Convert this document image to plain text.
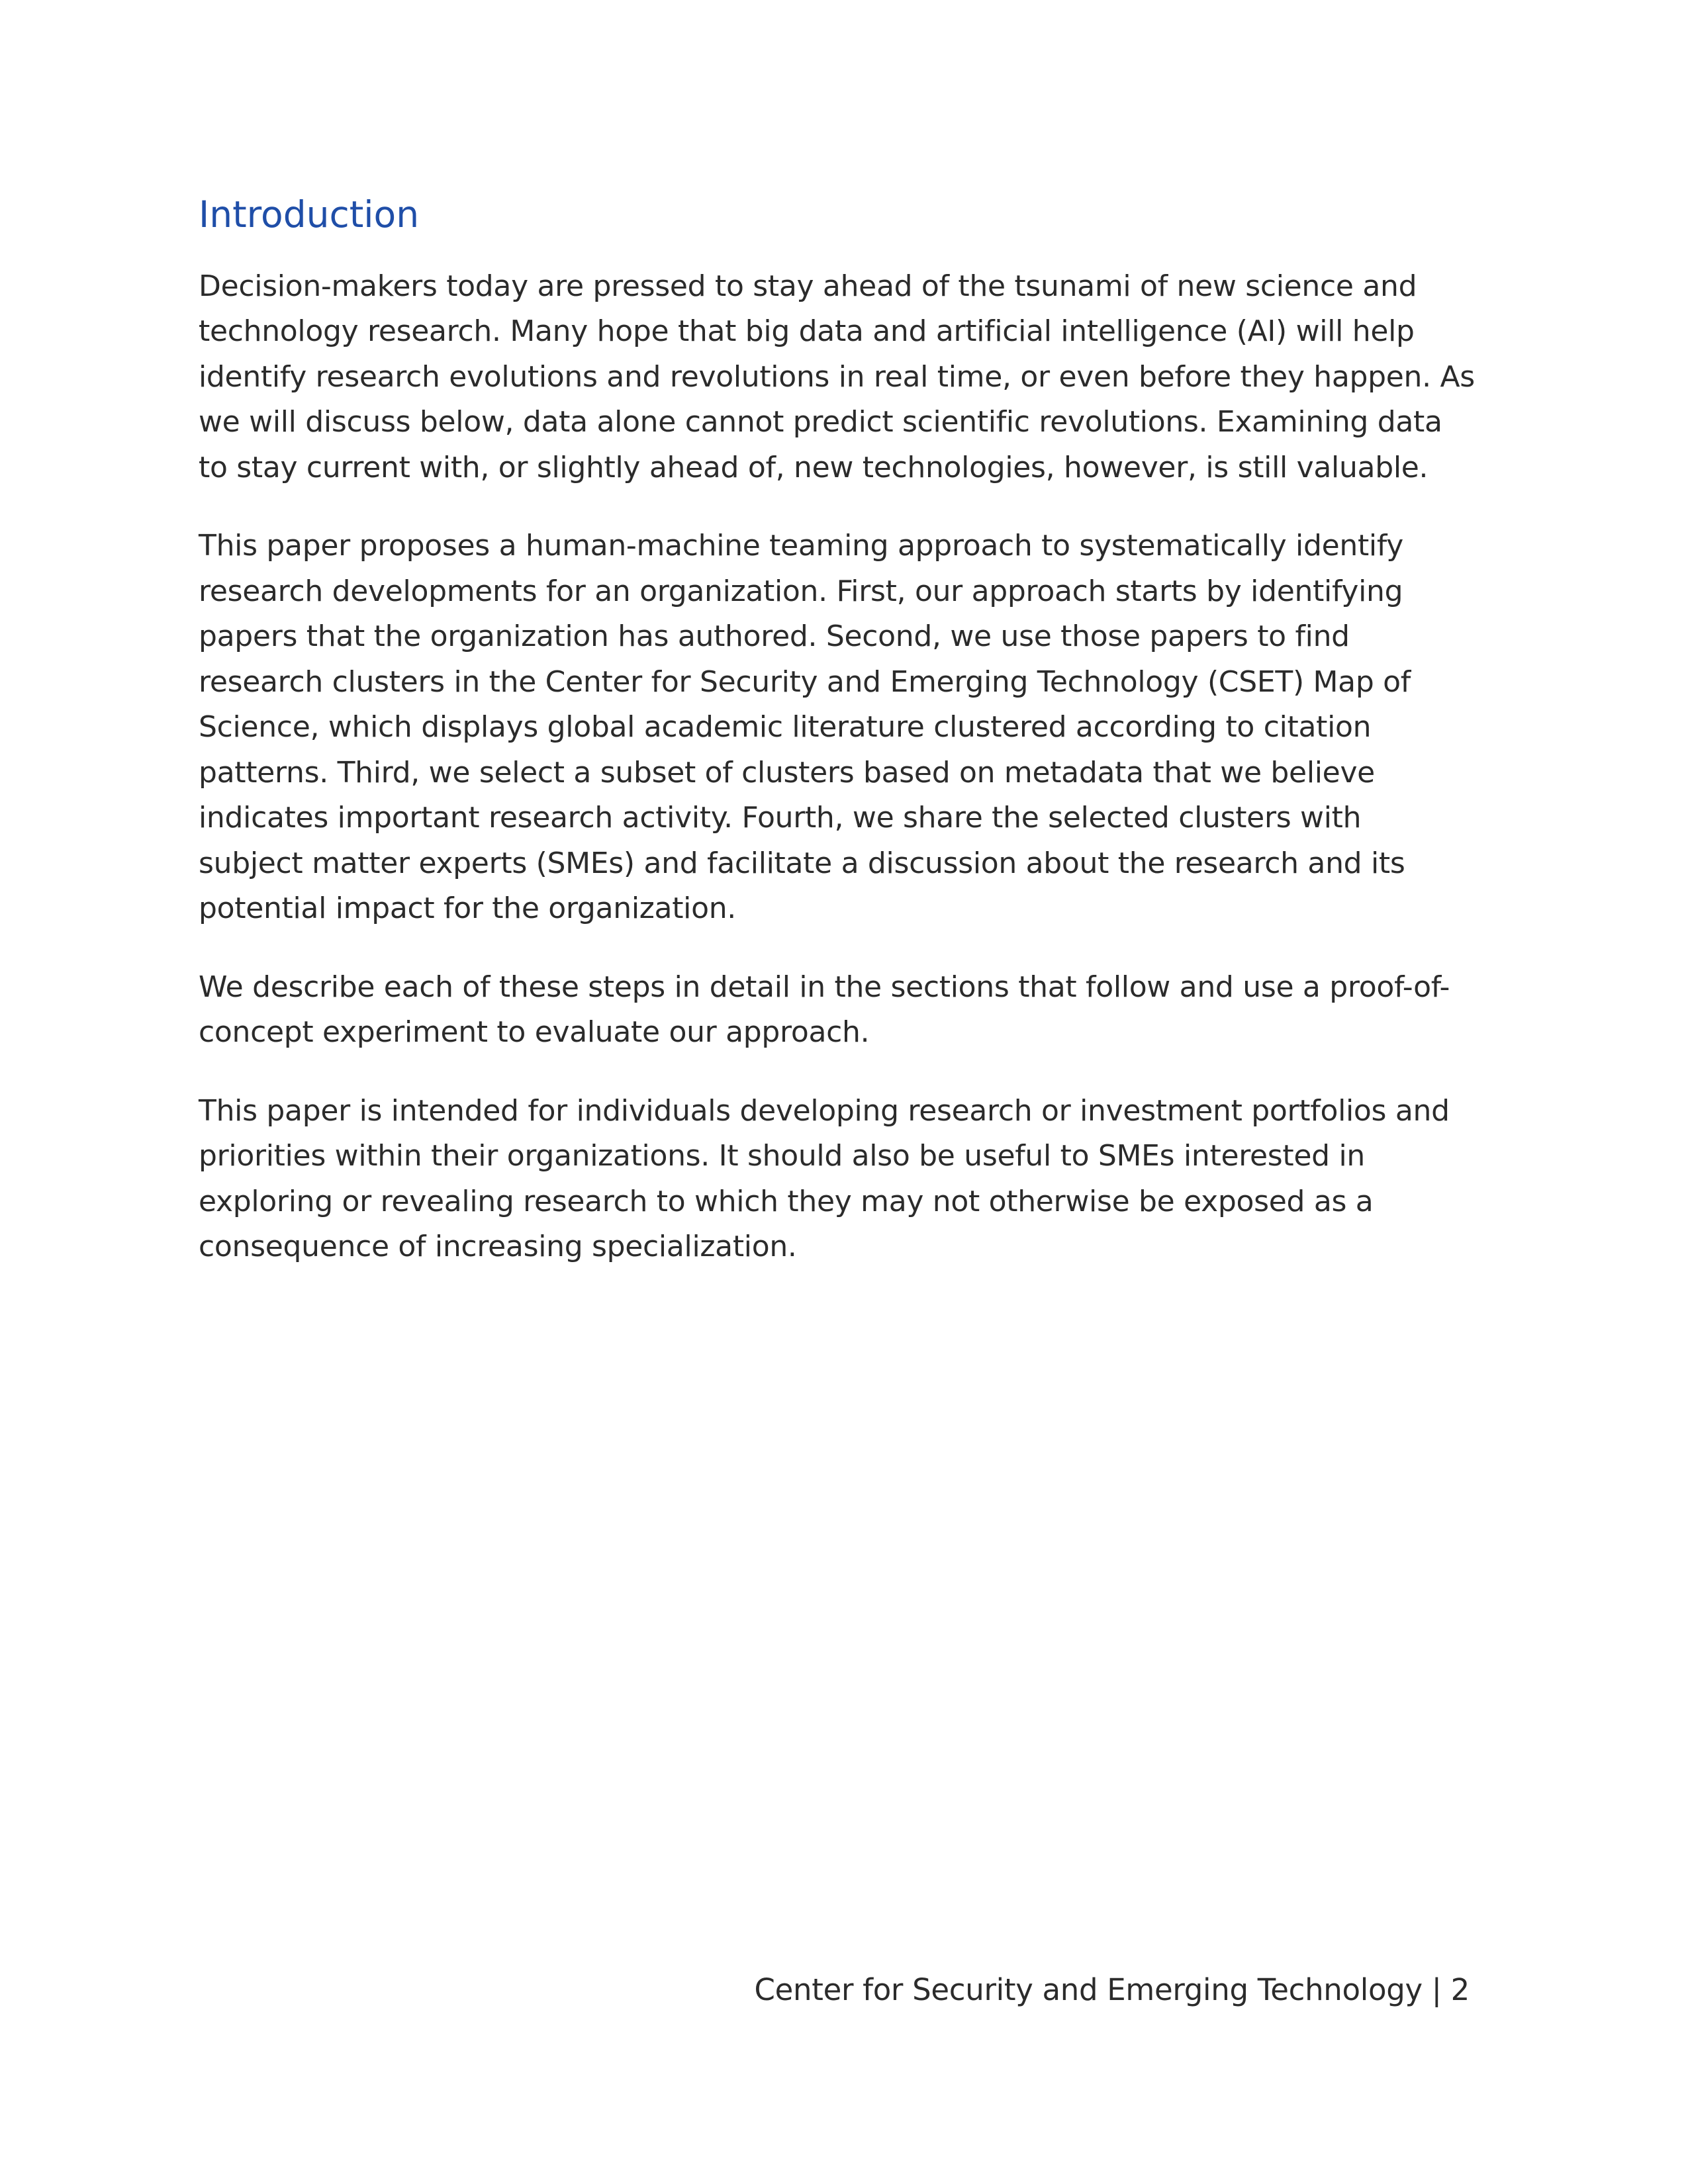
Introduction

Decision-makers today are pressed to stay ahead of the tsunami of new science and
technology research. Many hope that big data and artificial intelligence (AI) will help
identify research evolutions and revolutions in real time, or even before they happen. As
we will discuss below, data alone cannot predict scientific revolutions. Examining data
to stay current with, or slightly ahead of, new technologies, however, is still valuable.

This paper proposes a human-machine teaming approach to systematically identify
research developments for an organization. First, our approach starts by identifying
papers that the organization has authored. Second, we use those papers to find
research clusters in the Center for Security and Emerging Technology (CSET) Map of
Science, which displays global academic literature clustered according to citation
patterns. Third, we select a subset of clusters based on metadata that we believe
indicates important research activity. Fourth, we share the selected clusters with
subject matter experts (SMEs) and facilitate a discussion about the research and its
potential impact for the organization.

We describe each of these steps in detail in the sections that follow and use a proof-of-
concept experiment to evaluate our approach.

This paper is intended for individuals developing research or investment portfolios and
priorities within their organizations. It should also be useful to SMEs interested in
exploring or revealing research to which they may not otherwise be exposed as a
consequence of increasing specialization.

Center for Security and Emerging Technology | 2
